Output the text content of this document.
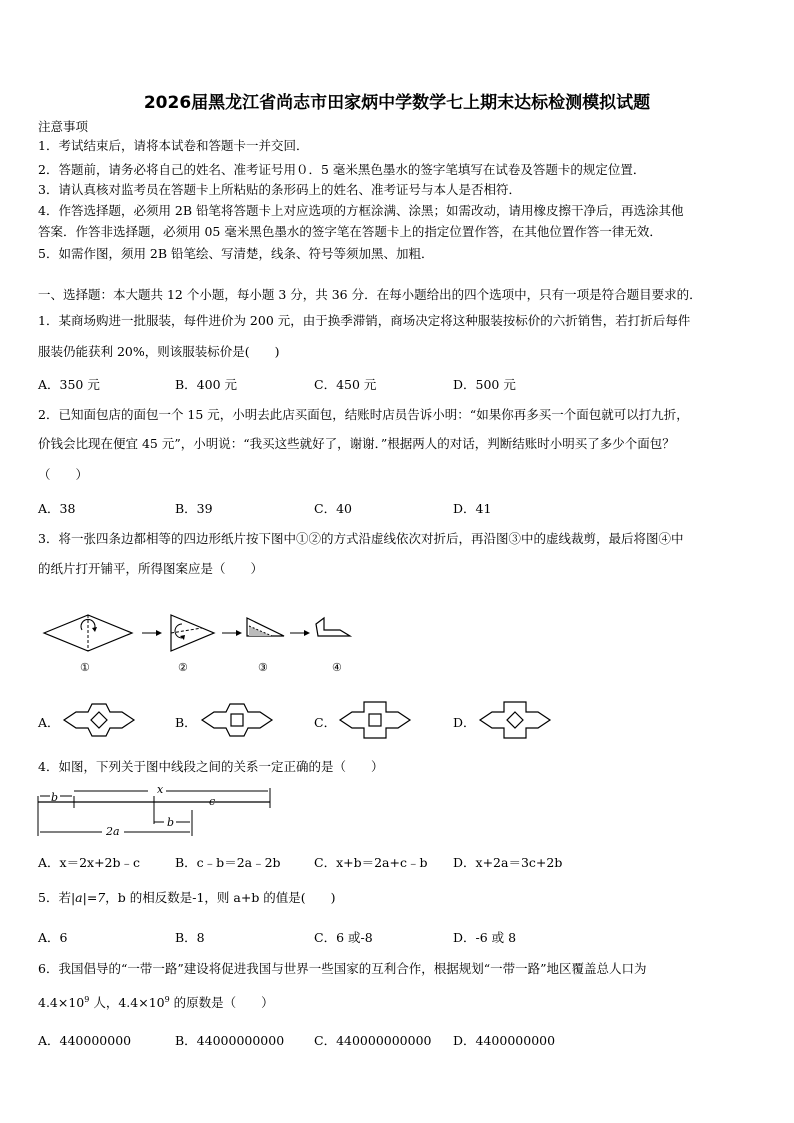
2026届黑龙江省尚志市田家炳中学数学七上期末达标检测模拟试题
注意事项
1．考试结束后，请将本试卷和答题卡一并交回．
2．答题前，请务必将自己的姓名、准考证号用０．5 毫米黑色墨水的签字笔填写在试卷及答题卡的规定位置．
3．请认真核对监考员在答题卡上所粘贴的条形码上的姓名、准考证号与本人是否相符．
4．作答选择题，必须用 2B 铅笔将答题卡上对应选项的方框涂满、涂黑；如需改动，请用橡皮擦干净后，再选涂其他
答案．作答非选择题，必须用 05 毫米黑色墨水的签字笔在答题卡上的指定位置作答，在其他位置作答一律无效．
5．如需作图，须用 2B 铅笔绘、写清楚，线条、符号等须加黑、加粗．
一、选择题：本大题共 12 个小题，每小题 3 分，共 36 分．在每小题给出的四个选项中，只有一项是符合题目要求的．
1．某商场购进一批服装，每件进价为 200 元，由于换季滞销，商场决定将这种服装按标价的六折销售，若打折后每件
服装仍能获利 20%，则该服装标价是(　　)
A．350 元	B．400 元	C．450 元	D．500 元
2．已知面包店的面包一个 15 元，小明去此店买面包，结账时店员告诉小明：“如果你再多买一个面包就可以打九折，
价钱会比现在便宜 45 元”，小明说：“我买这些就好了，谢谢．”根据两人的对话，判断结账时小明买了多少个面包？
（　　）
A．38	B．39	C．40	D．41
3．将一张四条边都相等的四边形纸片按下图中①②的方式沿虚线依次对折后，再沿图③中的虚线裁剪，最后将图④中
的纸片打开铺平，所得图案应是（　　）
①	②	③	④
A．	B．	C．	D．
4．如图，下列关于图中线段之间的关系一定正确的是（　　）
b
x
c
b
2a
A．x＝2x+2b﹣c	B．c﹣b＝2a﹣2b	C．x+b＝2a+c﹣b D．x+2a＝3c+2b
5．若|a|=7，b 的相反数是-1，则 a+b 的值是(　　)
A．6	B．8	C．6 或-8	D．-6 或 8
6．我国倡导的“一带一路”建设将促进我国与世界一些国家的互利合作，根据规划“一带一路”地区覆盖总人口为
$4.4\times 10^9$ 人，$4.4\times 10^9$ 的原数是（　　）
A．440000000	B．44000000000 C．440000000000 D．4400000000
